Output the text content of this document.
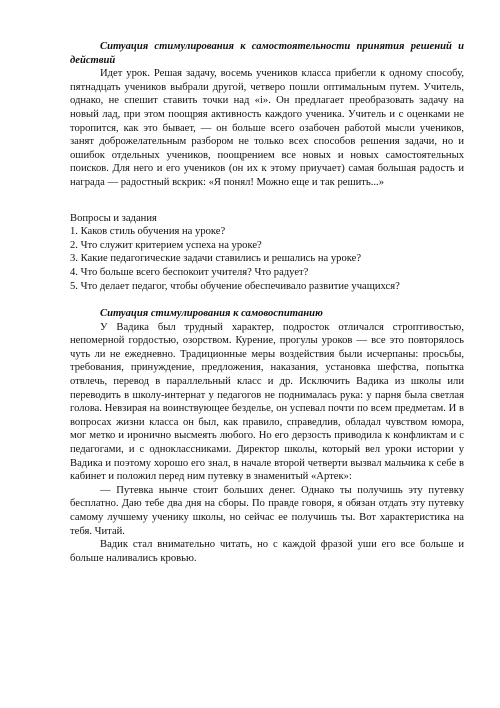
Ситуация стимулирования к самостоятельности принятия решений и действий

Идет урок. Решая задачу, восемь учеников класса прибегли к одному способу, пятнадцать учеников выбрали другой, четверо пошли оптимальным путем. Учитель, однако, не спешит ставить точки над «i». Он предлагает преобразовать задачу на новый лад, при этом поощряя активность каждого ученика. Учитель и с оценками не торопится, как это бывает, — он больше всего озабочен работой мысли учеников, занят доброжелательным разбором не только всех способов решения задачи, но и ошибок отдельных учеников, поощрением все новых и новых самостоятельных поисков. Для него и его учеников (он их к этому приучает) самая большая радость и награда — радостный вскрик: «Я понял! Можно еще и так решить...»

Вопросы и задания

1. Каков стиль обучения на уроке?
2. Что служит критерием успеха на уроке?
3. Какие педагогические задачи ставились и решались на уроке?
4. Что больше всего беспокоит учителя? Что радует?
5. Что делает педагог, чтобы обучение обеспечивало развитие учащихся?

Ситуация стимулирования к самовоспитанию

У Вадика был трудный характер, подросток отличался строптивостью, непомерной гордостью, озорством. Курение, прогулы уроков — все это повторялось чуть ли не ежедневно. Традиционные меры воздействия были исчерпаны: просьбы, требования, принуждение, предложения, наказания, установка шефства, попытка отвлечь, перевод в параллельный класс и др. Исключить Вадика из школы или переводить в школу-интернат у педагогов не поднималась рука: у парня была светлая голова. Невзирая на воинствующее безделье, он успевал почти по всем предметам. И в вопросах жизни класса он был, как правило, справедлив, обладал чувством юмора, мог метко и иронично высмеять любого. Но его дерзость приводила к конфликтам и с педагогами, и с одноклассниками. Директор школы, который вел уроки истории у Вадика и поэтому хорошо его знал, в начале второй четверти вызвал мальчика к себе в кабинет и положил перед ним путевку в знаменитый «Артек»:

— Путевка нынче стоит больших денег. Однако ты получишь эту путевку бесплатно. Даю тебе два дня на сборы. По правде говоря, я обязан отдать эту путевку самому лучшему ученику школы, но сейчас ее получишь ты. Вот характеристика на тебя. Читай.

Вадик стал внимательно читать, но с каждой фразой уши его все больше и больше наливались кровью.
